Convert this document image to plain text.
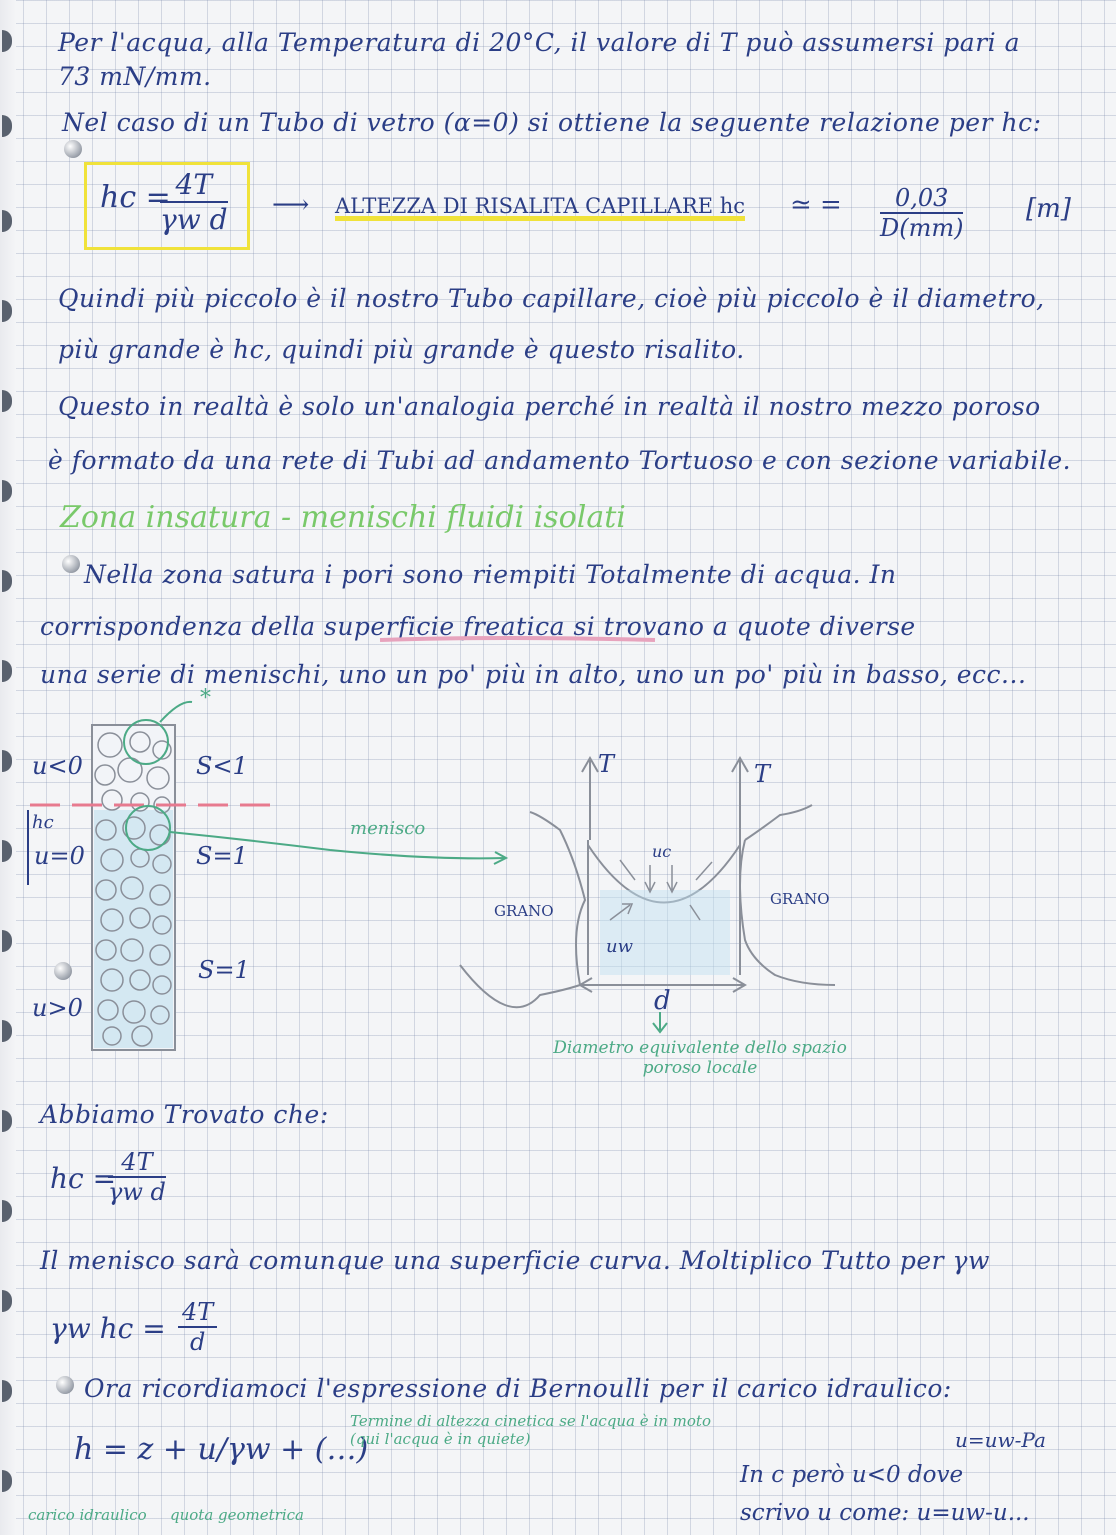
Per l'acqua, alla Temperatura di 20°C, il valore di T può assumersi pari a
73 mN/mm.
Nel caso di un Tubo di vetro (α=0) si ottiene la seguente relazione per hc:
hc =
$\frac{4T}{\text{γw d}}$ ⟶ ALTEZZA DI RISALITA CAPILLARE hc ≃ = $\frac{0,03}{D(mm)} [m]$
Quindi più piccolo è il nostro Tubo capillare, cioè più piccolo è il diametro,
più grande è hc, quindi più grande è questo risalito.
Questo in realtà è solo un'analogia perché in realtà il nostro mezzo poroso
è formato da una rete di Tubi ad andamento Tortuoso e con sezione variabile.
Zona insatura - menischi fluidi isolati
Nella zona satura i pori sono riempiti Totalmente di acqua. In
corrispondenza della superficie freatica si trovano a quote diverse
una serie di menischi, uno un po' più in alto, uno un po' più in basso, ecc...
u<0	S<1
*
hc
u=0	S=1
S=1
u>0
T	T
menisco
uc
GRANO
GRANO
uw
d
Diametro equivalente dello spazio poroso locale
Abbiamo Trovato che:
hc =
$\frac{4T}{\text{γw d}}$
Il menisco sarà comunque una superficie curva. Moltiplico Tutto per γw
γw hc = $\frac{4T}{d}$
Ora ricordiamoci l'espressione di Bernoulli per il carico idraulico:
h = z + u/γw + (…)
Termine di altezza cinetica se l'acqua è in moto (qui l'acqua è in quiete)
carico idraulico quota geometrica
u=uw-Pa
In c però u<0 dove
scrivo u come: u=uw-u...
